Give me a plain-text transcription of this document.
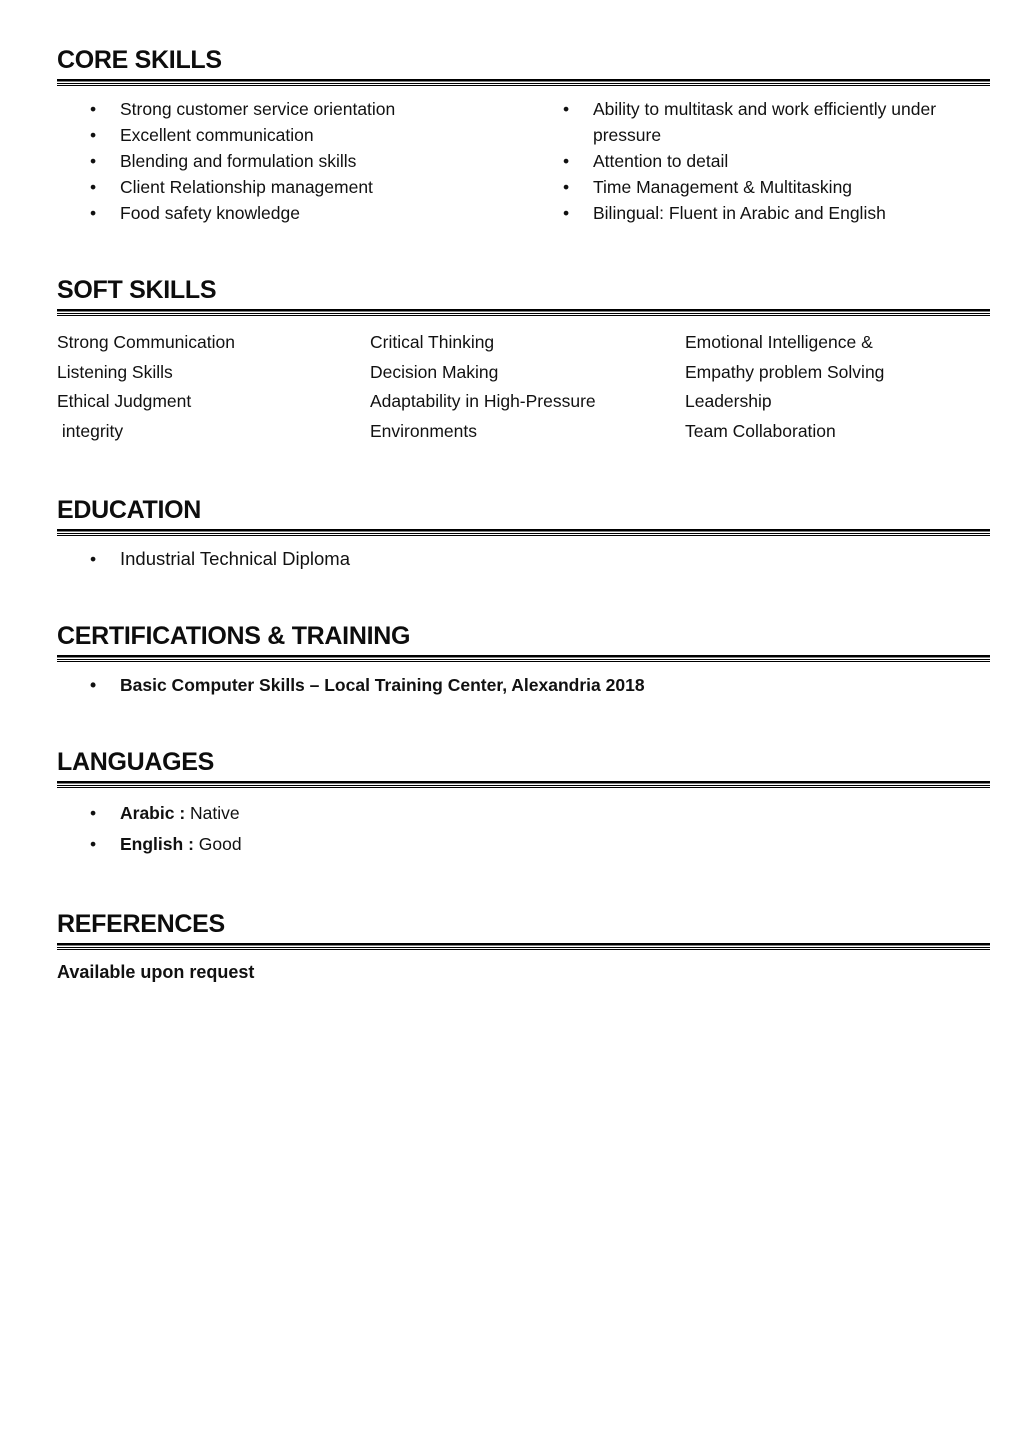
CORE SKILLS
•	Strong customer service orientation
•	Excellent communication
•	Blending and formulation skills
•	Client Relationship management
•	Food safety knowledge
•	Ability to multitask and work efficiently under pressure
•	Attention to detail
•	Time Management & Multitasking
•	Bilingual: Fluent in Arabic and English
SOFT SKILLS
Strong Communication
Listening Skills
Ethical Judgment
integrity
Critical Thinking
Decision Making
Adaptability in High-Pressure
Environments
Emotional Intelligence &
Empathy problem Solving
Leadership
Team Collaboration
EDUCATION
•	Industrial Technical Diploma
CERTIFICATIONS & TRAINING
•	Basic Computer Skills – Local Training Center, Alexandria 2018
LANGUAGES
•	Arabic : Native
•	English : Good
REFERENCES
Available upon request
